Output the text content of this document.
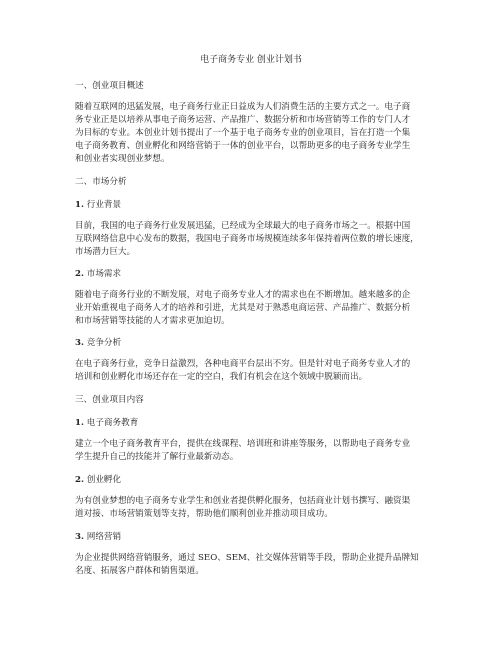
电子商务专业 创业计划书
一、创业项目概述
随着互联网的迅猛发展，电子商务行业正日益成为人们消费生活的主要方式之一。电子商
务专业正是以培养从事电子商务运营、产品推广、数据分析和市场营销等工作的专门人才
为目标的专业。本创业计划书提出了一个基于电子商务专业的创业项目，旨在打造一个集
电子商务教育、创业孵化和网络营销于一体的创业平台，以帮助更多的电子商务专业学生
和创业者实现创业梦想。
二、市场分析
1. 行业背景
目前，我国的电子商务行业发展迅猛，已经成为全球最大的电子商务市场之一。根据中国
互联网络信息中心发布的数据，我国电子商务市场规模连续多年保持着两位数的增长速度，
市场潜力巨大。
2. 市场需求
随着电子商务行业的不断发展，对电子商务专业人才的需求也在不断增加。越来越多的企
业开始重视电子商务人才的培养和引进，尤其是对于熟悉电商运营、产品推广、数据分析
和市场营销等技能的人才需求更加迫切。
3. 竞争分析
在电子商务行业，竞争日益激烈，各种电商平台层出不穷。但是针对电子商务专业人才的
培训和创业孵化市场还存在一定的空白，我们有机会在这个领域中脱颖而出。
三、创业项目内容
1. 电子商务教育
建立一个电子商务教育平台，提供在线课程、培训班和讲座等服务，以帮助电子商务专业
学生提升自己的技能并了解行业最新动态。
2. 创业孵化
为有创业梦想的电子商务专业学生和创业者提供孵化服务，包括商业计划书撰写、融资渠
道对接、市场营销策划等支持，帮助他们顺利创业并推动项目成功。
3. 网络营销
为企业提供网络营销服务，通过 SEO、SEM、社交媒体营销等手段，帮助企业提升品牌知
名度、拓展客户群体和销售渠道。
